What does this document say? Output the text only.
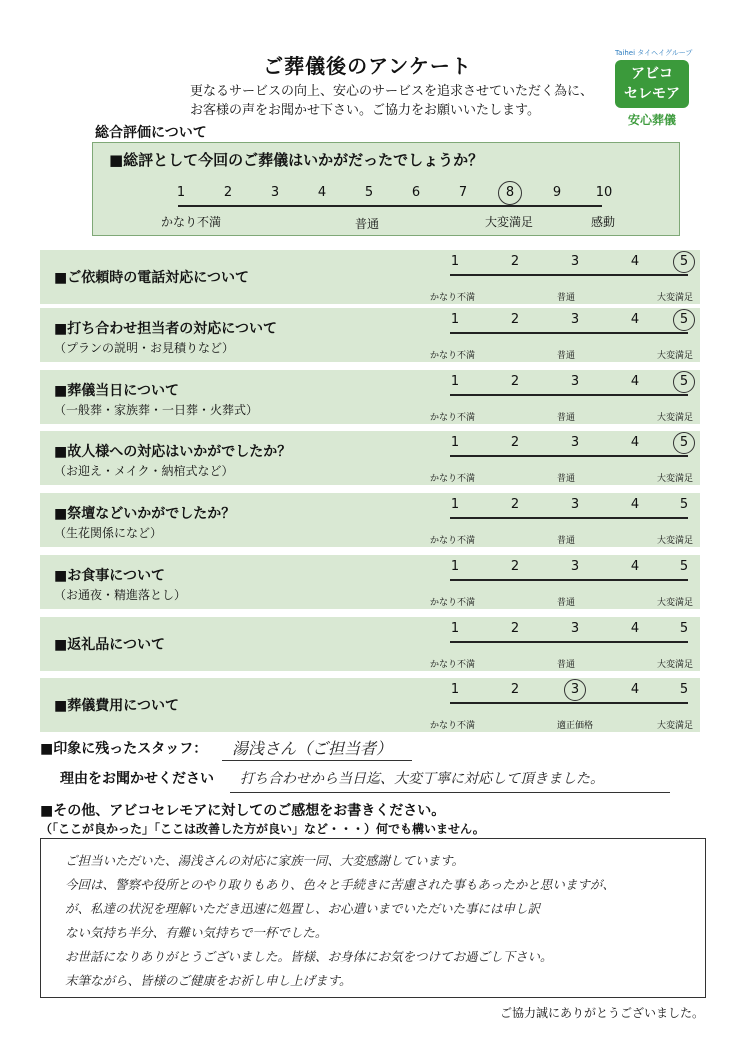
ご葬儀後のアンケート
更なるサービスの向上、安心のサービスを追求させていただく為に、
お客様の声をお聞かせ下さい。ご協力をお願いいたします。
Taihei タイヘイグループ
アビコ
セレモア
安心葬儀
総合評価について
■総評として今回のご葬儀はいかがだったでしょうか？
1	2	3	4	5	6	7	8	9	10
かなり不満	普通	大変満足	感動
■ご依頼時の電話対応について
1	2	3	4	5
かなり不満	普通	大変満足
■打ち合わせ担当者の対応について
（プランの説明・お見積りなど）
1	2	3	4	5
かなり不満	普通	大変満足
■葬儀当日について
（一般葬・家族葬・一日葬・火葬式）
1	2	3	4	5
かなり不満	普通	大変満足
■故人様への対応はいかがでしたか？
（お迎え・メイク・納棺式など）
1	2	3	4	5
かなり不満	普通	大変満足
■祭壇などいかがでしたか？
（生花関係になど）
1	2	3	4	5
かなり不満	普通	大変満足
■お食事について
（お通夜・精進落とし）
1	2	3	4	5
かなり不満	普通	大変満足
■返礼品について
1	2	3	4	5
かなり不満	普通	大変満足
■葬儀費用について
1	2	3	4	5
かなり不満	適正価格	大変満足
■印象に残ったスタッフ： 湯浅さん（ご担当者）
理由をお聞かせください 打ち合わせから当日迄、大変丁寧に対応して頂きました。
■その他、アビコセレモアに対してのご感想をお書きください。
（「ここが良かった」「ここは改善した方が良い」など・・・）何でも構いません。
ご担当いただいた、湯浅さんの対応に家族一同、大変感謝しています。
今回は、警察や役所とのやり取りもあり、色々と手続きに苦慮された事もあったかと思いますが、
が、私達の状況を理解いただき迅速に処置し、お心遣いまでいただいた事には申し訳
ない気持ち半分、有難い気持ちで一杯でした。
お世話になりありがとうございました。皆様、お身体にお気をつけてお過ごし下さい。
末筆ながら、皆様のご健康をお祈し申し上げます。
ご協力誠にありがとうございました。
